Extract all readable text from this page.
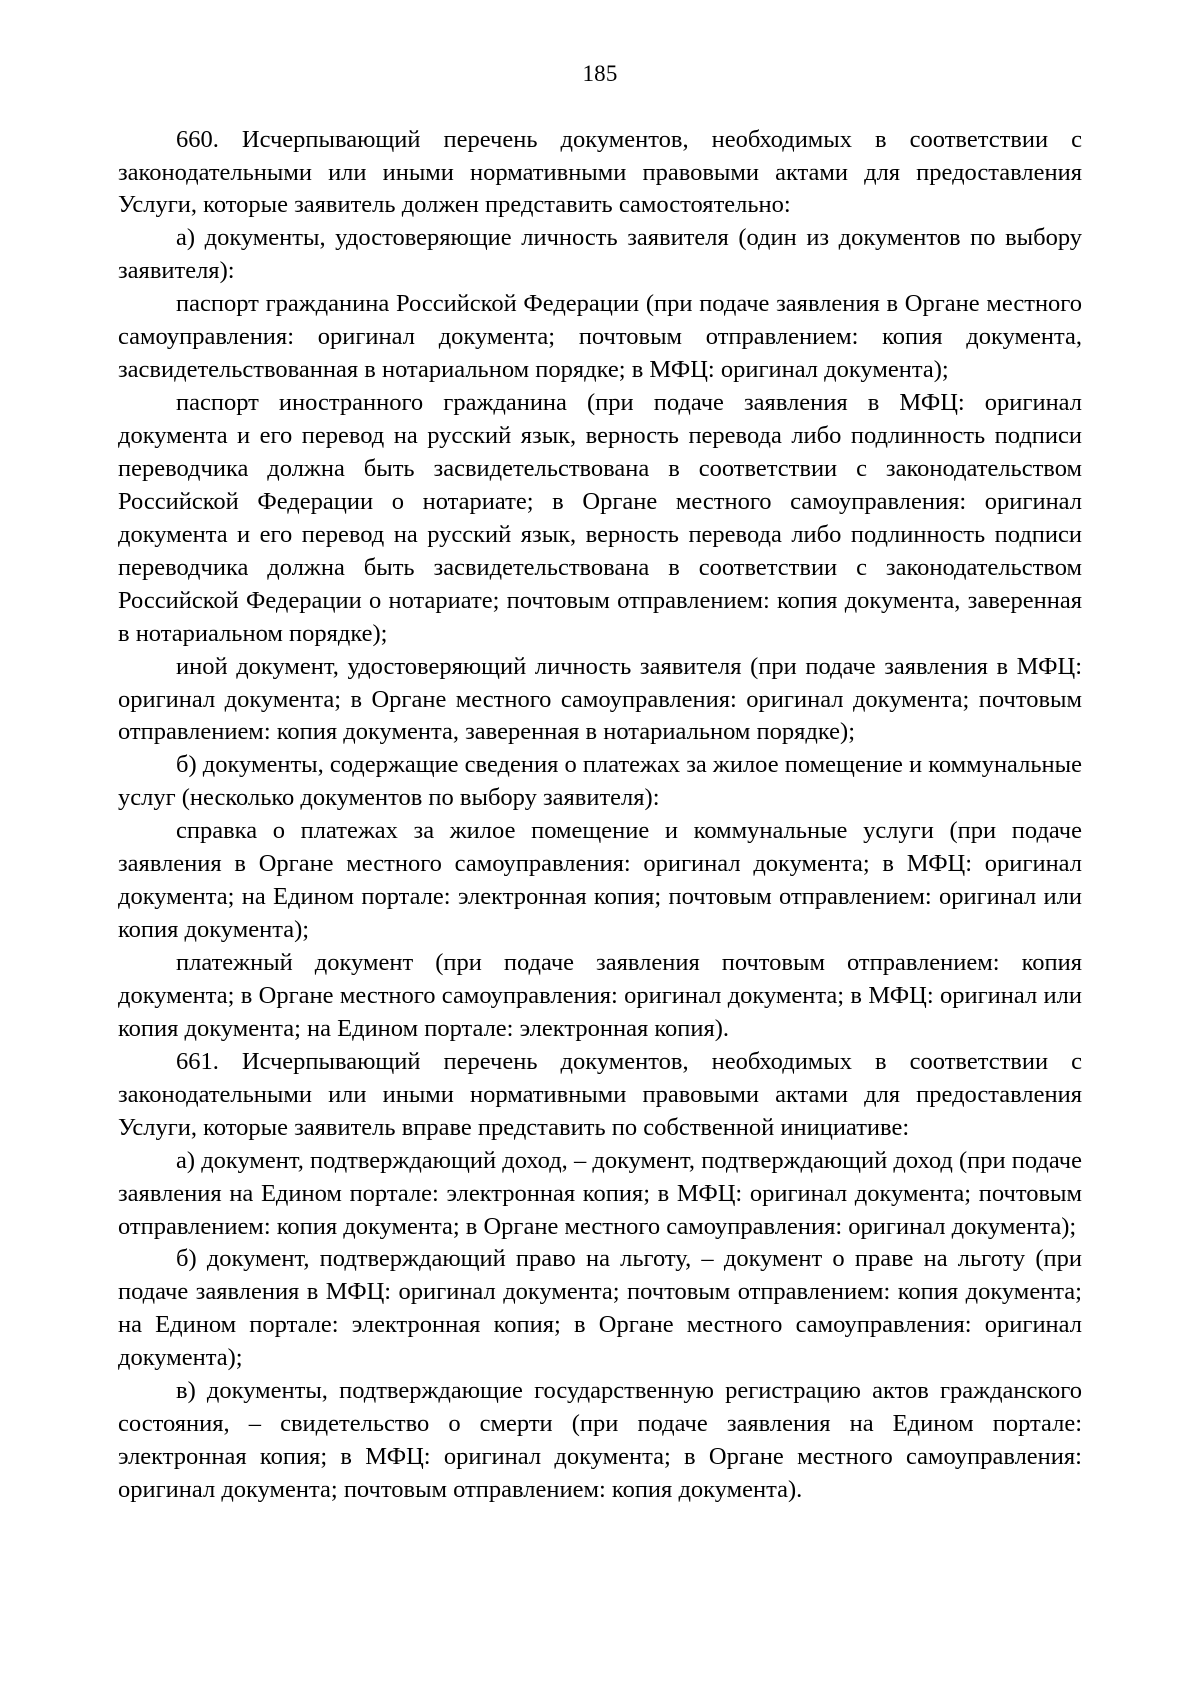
185

660. Исчерпывающий перечень документов, необходимых в соответствии с законодательными или иными нормативными правовыми актами для предоставления Услуги, которые заявитель должен представить самостоятельно:

а) документы, удостоверяющие личность заявителя (один из документов по выбору заявителя):

паспорт гражданина Российской Федерации (при подаче заявления в Органе местного самоуправления: оригинал документа; почтовым отправлением: копия документа, засвидетельствованная в нотариальном порядке; в МФЦ: оригинал документа);

паспорт иностранного гражданина (при подаче заявления в МФЦ: оригинал документа и его перевод на русский язык, верность перевода либо подлинность подписи переводчика должна быть засвидетельствована в соответствии с законодательством Российской Федерации о нотариате; в Органе местного самоуправления: оригинал документа и его перевод на русский язык, верность перевода либо подлинность подписи переводчика должна быть засвидетельствована в соответствии с законодательством Российской Федерации о нотариате; почтовым отправлением: копия документа, заверенная в нотариальном порядке);

иной документ, удостоверяющий личность заявителя (при подаче заявления в МФЦ: оригинал документа; в Органе местного самоуправления: оригинал документа; почтовым отправлением: копия документа, заверенная в нотариальном порядке);

б) документы, содержащие сведения о платежах за жилое помещение и коммунальные услуг (несколько документов по выбору заявителя):

справка о платежах за жилое помещение и коммунальные услуги (при подаче заявления в Органе местного самоуправления: оригинал документа; в МФЦ: оригинал документа; на Едином портале: электронная копия; почтовым отправлением: оригинал или копия документа);

платежный документ (при подаче заявления почтовым отправлением: копия документа; в Органе местного самоуправления: оригинал документа; в МФЦ: оригинал или копия документа; на Едином портале: электронная копия).

661. Исчерпывающий перечень документов, необходимых в соответствии с законодательными или иными нормативными правовыми актами для предоставления Услуги, которые заявитель вправе представить по собственной инициативе:

а) документ, подтверждающий доход, – документ, подтверждающий доход (при подаче заявления на Едином портале: электронная копия; в МФЦ: оригинал документа; почтовым отправлением: копия документа; в Органе местного самоуправления: оригинал документа);

б) документ, подтверждающий право на льготу, – документ о праве на льготу (при подаче заявления в МФЦ: оригинал документа; почтовым отправлением: копия документа; на Едином портале: электронная копия; в Органе местного самоуправления: оригинал документа);

в) документы, подтверждающие государственную регистрацию актов гражданского состояния, – свидетельство о смерти (при подаче заявления на Едином портале: электронная копия; в МФЦ: оригинал документа; в Органе местного самоуправления: оригинал документа; почтовым отправлением: копия документа).
